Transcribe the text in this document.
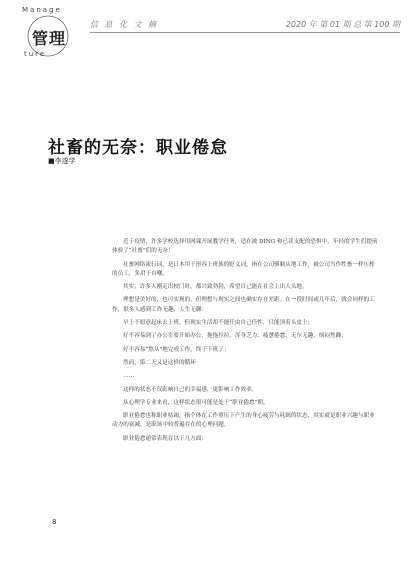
管理
Manage
ture
信 息 化 文 摘	2020 年 第 01 期 总 第 100 期
社畜的无奈：职业倦怠
■李遂学

近于疫情，许多学校选择用网课开展教学任务，适在被 DING 和已读支配的恐惧中，年轻的学生们提前体验了“社畜”们的无奈！

社畜网络流行词，是日本用于形容上班族的贬义词，指在公司驯顺从地工作，被公司当作牲畜一样压榨的员工，多用于自嘲。

其实，许多人刚走出校门时，都兴致勃勃，希望自己能在社会上出人头地。

理想是美好的，也可实现的，但理想与现实之间也确实存在差距。在一段时间或几年后，就会同样的工作，很多人感到工作无趣、人生无聊：

早上不愿意起床去上班，但现实生活却不能任由自己任性，只能顶着头皮上；

好不容易到了办公室要开始办公，拖拖拉拉、浑身乏力、疲惫倦怠，无尔无趣、烦闷焦躁；

好不容易“熬从”地完成工作，终于下班了；

然而，第二天又是这样的循环

……

这样的状态不仅影响自己的幸福感，更影响工作效率。

从心理学专业来看，这样状态很可能是处于“职业倦怠”期。

职业倦怠也称职业枯竭，指个体在工作重压下产生的身心疲劳与耗竭的状态，其实就是职业兴趣与职业动力的衰减，是职场中较普遍存在的心理问题。

职业倦怠通常表现在以下几方面：

8
